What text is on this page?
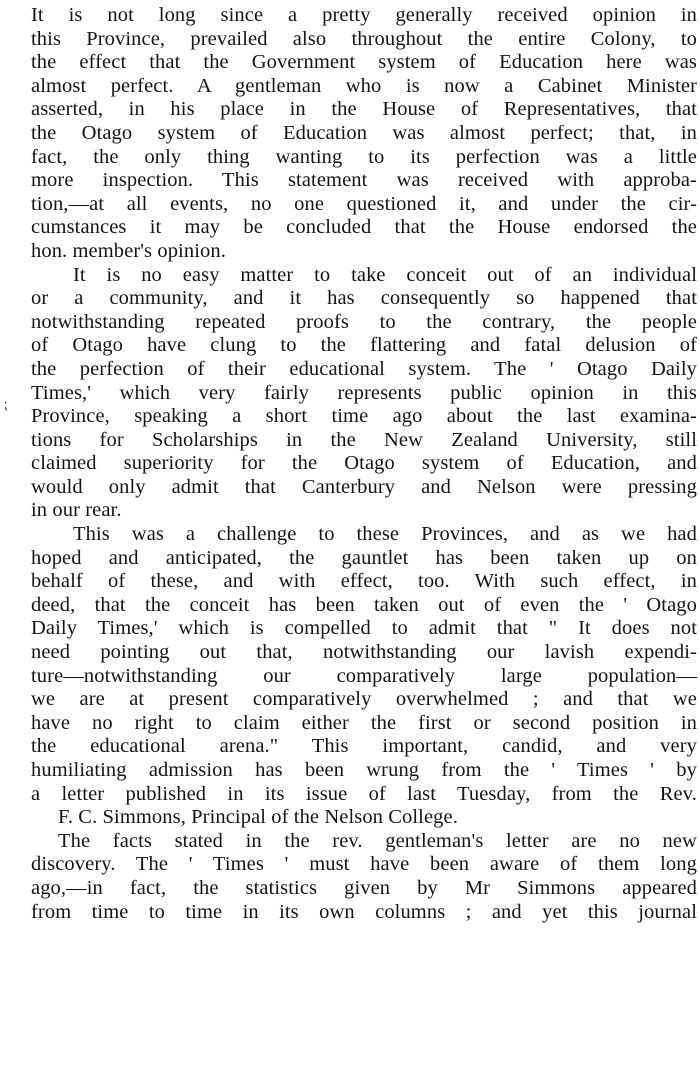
⁏
It is not long since a pretty generally received opinion in
this Province, prevailed also throughout the entire Colony, to
the effect that the Government system of Education here was
almost perfect. A gentleman who is now a Cabinet Minister
asserted, in his place in the House of Representatives, that
the Otago system of Education was almost perfect; that, in
fact, the only thing wanting to its perfection was a little
more inspection. This statement was received with approba-
tion,—at all events, no one questioned it, and under the cir-
cumstances it may be concluded that the House endorsed the
hon. member's opinion.
It is no easy matter to take conceit out of an individual
or a community, and it has consequently so happened that
notwithstanding repeated proofs to the contrary, the people
of Otago have clung to the flattering and fatal delusion of
the perfection of their educational system. The ' Otago Daily
Times,' which very fairly represents public opinion in this
Province, speaking a short time ago about the last examina-
tions for Scholarships in the New Zealand University, still
claimed superiority for the Otago system of Education, and
would only admit that Canterbury and Nelson were pressing
in our rear.
This was a challenge to these Provinces, and as we had
hoped and anticipated, the gauntlet has been taken up on
behalf of these, and with effect, too. With such effect, in
deed, that the conceit has been taken out of even the ' Otago
Daily Times,' which is compelled to admit that " It does not
need pointing out that, notwithstanding our lavish expendi-
ture—notwithstanding our comparatively large population—
we are at present comparatively overwhelmed ; and that we
have no right to claim either the first or second position in
the educational arena." This important, candid, and very
humiliating admission has been wrung from the ' Times ' by
a letter published in its issue of last Tuesday, from the Rev.
F. C. Simmons, Principal of the Nelson College.
The facts stated in the rev. gentleman's letter are no new
discovery. The ' Times ' must have been aware of them long
ago,—in fact, the statistics given by Mr Simmons appeared
from time to time in its own columns ; and yet this journal
